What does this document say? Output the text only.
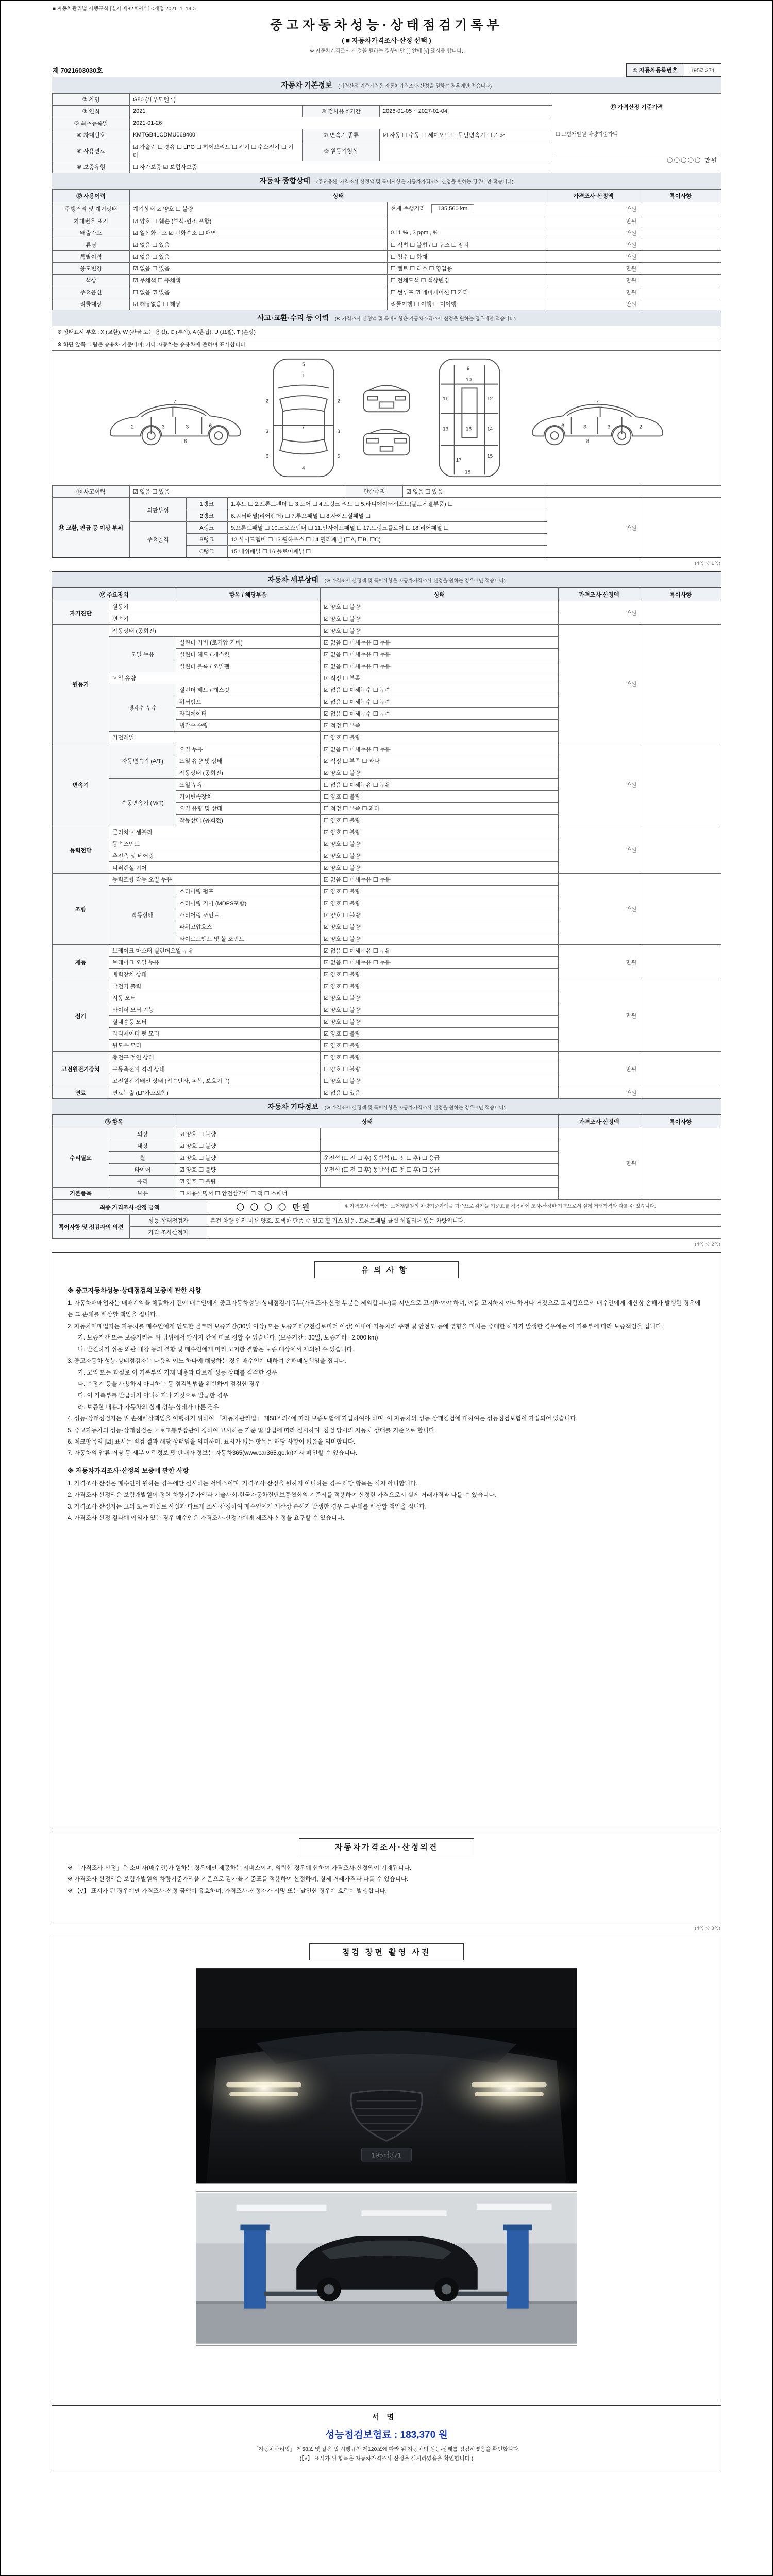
■ 자동차관리법 시행규칙 [별지 제82호서식] <개정 2021. 1. 19.>
중고자동차성능·상태점검기록부
( ■ 자동차가격조사·산정 선택 )
※ 자동차가격조사·산정을 원하는 경우에만 [ ] 안에 [√] 표시를 합니다.
제 7021603030호	① 자동차등록번호	195러371
자동차 기본정보 (가격산정 기준가격은 자동차가격조사·산정을 원하는 경우에만 적습니다)
② 차명	G80 (세부모델 : )			⑪ 가격산정 기준가격
☐ 보험개발원 차량기준가액
〇〇〇〇〇 만원

③ 연식	2021	④ 검사유효기간	2026-01-05 ~ 2027-01-04	
⑤ 최초등록일	2021-01-26			
⑥ 차대번호	KMTGB41CDMU068400	⑦ 변속기 종류	☑ 자동 ☐ 수동 ☐ 세미오토 ☐ 무단변속기 ☐ 기타	
⑧ 사용연료	☑ 가솔린 ☐ 경유 ☐ LPG ☐ 하이브리드 ☐ 전기 ☐ 수소전기 ☐ 기타	⑨ 원동기형식		
⑩ 보증유형	☐ 자가보증 ☑ 보험사보증			
자동차 종합상태 (주요옵션, 가격조사·산정액 및 특이사항은 자동차가격조사·산정을 원하는 경우에만 적습니다)
⑫ 사용이력	상태		가격조사·산정액	특이사항
주행거리 및 계기상태	계기상태 ☑ 양호 ☐ 불량	현재 주행거리 135,560 km	만원	
차대번호 표기	☑ 양호 ☐ 훼손 (부식·변조 포함)		만원	
배출가스	☑ 일산화탄소 ☑ 탄화수소 ☐ 매연	0.11 % , 3 ppm , %	만원	
튜닝	☑ 없음 ☐ 있음	☐ 적법 ☐ 불법 / ☐ 구조 ☐ 장치	만원	
특별이력	☑ 없음 ☐ 있음	☐ 침수 ☐ 화재	만원	
용도변경	☑ 없음 ☐ 있음	☐ 렌트 ☐ 리스 ☐ 영업용	만원	
색상	☑ 무채색 ☐ 유채색	☐ 전체도색 ☐ 색상변경	만원	
주요옵션	☐ 없음 ☑ 있음	☐ 썬루프 ☑ 네비게이션 ☐ 기타	만원	
리콜대상	☑ 해당없음 ☐ 해당	리콜이행 ☐ 이행 ☐ 미이행	만원	
사고·교환·수리 등 이력 (※ 가격조사·산정액 및 특이사항은 자동차가격조사·산정을 원하는 경우에만 적습니다)
※ 상태표시 부호 : X (교환), W (판금 또는 용접), C (부식), A (흠집), U (요철), T (손상)
※ 하단 앞쪽 그림은 승용차 기준이며, 기타 자동차는 승용차에 준하여 표시합니다.
2	3	3	6
7
8
1
7
4
2	2
3	3
6	6
5
9
10
11	12
13	14
16
15
17
18
2
3
3
6
7
8
⑬ 사고이력	☑ 없음 ☐ 있음	단순수리	☑ 없음 ☐ 있음		
⑭ 교환, 판금 등 이상 부위	외판부위	1랭크	1.후드 ☐ 2.프론트펜더 ☐ 3.도어 ☐ 4.트렁크 리드 ☐ 5.라디에이터서포트(볼트체결부품) ☐	만원	
		2랭크	6.쿼터패널(리어펜더) ☐ 7.루프패널 ☐ 8.사이드실패널 ☐		
	주요골격	A랭크	9.프론트패널 ☐ 10.크로스멤버 ☐ 11.인사이드패널 ☐ 17.트렁크플로어 ☐ 18.리어패널 ☐		
		B랭크	12.사이드멤버 ☐ 13.휠하우스 ☐ 14.필러패널 (☐A, ☐B, ☐C)		
		C랭크	15.대쉬패널 ☐ 16.플로어패널 ☐		
(4쪽 중 1쪽)
자동차 세부상태 (※ 가격조사·산정액 및 특이사항은 자동차가격조사·산정을 원하는 경우에만 적습니다)
⑮ 주요장치		항목 / 해당부품	상태	가격조사·산정액	특이사항
자기진단	원동기		☑ 양호 ☐ 불량	만원	
	변속기		☑ 양호 ☐ 불량		
원동기	작동상태 (공회전)		☑ 양호 ☐ 불량	만원	
	오일 누유	실린더 커버 (로커암 커버)	☑ 없음 ☐ 미세누유 ☐ 누유		
		실린더 헤드 / 개스킷	☑ 없음 ☐ 미세누유 ☐ 누유		
		실린더 블록 / 오일팬	☑ 없음 ☐ 미세누유 ☐ 누유		
	오일 유량		☑ 적정 ☐ 부족		
	냉각수 누수	실린더 헤드 / 개스킷	☑ 없음 ☐ 미세누수 ☐ 누수		
		워터펌프	☑ 없음 ☐ 미세누수 ☐ 누수		
		라디에이터	☑ 없음 ☐ 미세누수 ☐ 누수		
		냉각수 수량	☑ 적정 ☐ 부족		
	커먼레일		☐ 양호 ☐ 불량		
변속기	자동변속기 (A/T)	오일 누유	☑ 없음 ☐ 미세누유 ☐ 누유	만원	
		오일 유량 및 상태	☑ 적정 ☐ 부족 ☐ 과다		
		작동상태 (공회전)	☑ 양호 ☐ 불량		
	수동변속기 (M/T)	오일 누유	☐ 없음 ☐ 미세누유 ☐ 누유		
		기어변속장치	☐ 양호 ☐ 불량		
		오일 유량 및 상태	☐ 적정 ☐ 부족 ☐ 과다		
		작동상태 (공회전)	☐ 양호 ☐ 불량		
동력전달	클러치 어셈블리		☑ 양호 ☐ 불량	만원	
	등속조인트		☑ 양호 ☐ 불량		
	추진축 및 베어링		☑ 양호 ☐ 불량		
	디퍼렌셜 기어		☑ 양호 ☐ 불량		
조향	동력조향 작동 오일 누유		☑ 없음 ☐ 미세누유 ☐ 누유	만원	
	작동상태	스티어링 펌프	☑ 양호 ☐ 불량		
		스티어링 기어 (MDPS포함)	☑ 양호 ☐ 불량		
		스티어링 조인트	☑ 양호 ☐ 불량		
		파워고압호스	☑ 양호 ☐ 불량		
		타이로드엔드 및 볼 조인트	☑ 양호 ☐ 불량		
제동	브레이크 마스터 실린더오일 누유		☑ 없음 ☐ 미세누유 ☐ 누유	만원	
	브레이크 오일 누유		☑ 없음 ☐ 미세누유 ☐ 누유		
	배력장치 상태		☑ 양호 ☐ 불량		
전기	발전기 출력		☑ 양호 ☐ 불량	만원	
	시동 모터		☑ 양호 ☐ 불량		
	와이퍼 모터 기능		☑ 양호 ☐ 불량		
	실내송풍 모터		☑ 양호 ☐ 불량		
	라디에이터 팬 모터		☑ 양호 ☐ 불량		
	윈도우 모터		☑ 양호 ☐ 불량		
고전원전기장치	충전구 절연 상태		☐ 양호 ☐ 불량	만원	
	구동축전지 격리 상태		☐ 양호 ☐ 불량		
	고전원전기배선 상태 (접속단자, 피복, 보호기구)		☐ 양호 ☐ 불량		
연료	연료누출 (LP가스포함)		☑ 없음 ☐ 있음	만원	
자동차 기타정보 (※ 가격조사·산정액 및 특이사항은 자동차가격조사·산정을 원하는 경우에만 적습니다)
⑯ 항목		상태		가격조사·산정액	특이사항
수리필요	외장	☑ 양호 ☐ 불량		만원	
	내장	☑ 양호 ☐ 불량			
	휠	☑ 양호 ☐ 불량	운전석 (☐ 전 ☐ 후) 동반석 (☐ 전 ☐ 후) ☐ 응급		
	타이어	☑ 양호 ☐ 불량	운전석 (☐ 전 ☐ 후) 동반석 (☐ 전 ☐ 후) ☐ 응급		
	유리	☑ 양호 ☐ 불량			
기본품목	보유	☐ 사용설명서 ☐ 안전삼각대 ☐ 잭 ☐ 스패너			
최종 가격조사·산정 금액	〇 〇 〇 〇 만원	※ 가격조사·산정액은 보험개발원의 차량기준가액을 기준으로 감가율 기준표를 적용하여 조사·산정한 가격으로서 실제 거래가격과 다를 수 있습니다.
특이사항 및 점검자의 의견	성능·상태점검자	본건 차량 엔진·미션 양호. 도색한 단품 수 있고 휠 기스 있음. 프론트패널 클립 체결되어 있는 차량입니다.
	가격·조사산정자	
(4쪽 중 2쪽)
유의사항
※ 중고자동차성능·상태점검의 보증에 관한 사항
1. 자동차매매업자는 매매계약을 체결하기 전에 매수인에게 중고자동차성능·상태점검기록부(가격조사·산정 부분은 제외합니다)를 서면으로 고지하여야 하며, 이를 고지하지 아니하거나 거짓으로 고지함으로써 매수인에게 재산상 손해가 발생한 경우에는 그 손해를 배상할 책임을 집니다.
2. 자동차매매업자는 자동차를 매수인에게 인도한 날부터 보증기간(30일 이상) 또는 보증거리(2천킬로미터 이상) 이내에 자동차의 주행 및 안전도 등에 영향을 미치는 중대한 하자가 발생한 경우에는 이 기록부에 따라 보증책임을 집니다.
가. 보증기간 또는 보증거리는 위 범위에서 당사자 간에 따로 정할 수 있습니다. (보증기간 : 30일, 보증거리 : 2,000 km)
나. 발견하기 쉬운 외관·내장 등의 결함 및 매수인에게 미리 고지한 결함은 보증 대상에서 제외될 수 있습니다.
3. 중고자동차 성능·상태점검자는 다음의 어느 하나에 해당하는 경우 매수인에 대하여 손해배상책임을 집니다.
가. 고의 또는 과실로 이 기록부의 기재 내용과 다르게 성능·상태를 점검한 경우
나. 측정기 등을 사용하지 아니하는 등 점검방법을 위반하여 점검한 경우
다. 이 기록부를 발급하지 아니하거나 거짓으로 발급한 경우
라. 보증한 내용과 자동차의 실제 성능·상태가 다른 경우
4. 성능·상태점검자는 위 손해배상책임을 이행하기 위하여 「자동차관리법」 제58조의4에 따라 보증보험에 가입하여야 하며, 이 자동차의 성능·상태점검에 대하여는 성능점검보험이 가입되어 있습니다.
5. 중고자동차의 성능·상태점검은 국토교통부장관이 정하여 고시하는 기준 및 방법에 따라 실시하며, 점검 당시의 자동차 상태를 기준으로 합니다.
6. 체크항목의 [☑] 표시는 점검 결과 해당 상태임을 의미하며, 표시가 없는 항목은 해당 사항이 없음을 의미합니다.
7. 자동차의 압류·저당 등 세부 이력정보 및 판매자 정보는 자동차365(www.car365.go.kr)에서 확인할 수 있습니다.
※ 자동차가격조사·산정의 보증에 관한 사항
1. 가격조사·산정은 매수인이 원하는 경우에만 실시하는 서비스이며, 가격조사·산정을 원하지 아니하는 경우 해당 항목은 적지 아니합니다.
2. 가격조사·산정액은 보험개발원이 정한 차량기준가액과 기술사회·한국자동차진단보증협회의 기준서를 적용하여 산정한 가격으로서 실제 거래가격과 다를 수 있습니다.
3. 가격조사·산정자는 고의 또는 과실로 사실과 다르게 조사·산정하여 매수인에게 재산상 손해가 발생한 경우 그 손해를 배상할 책임을 집니다.
4. 가격조사·산정 결과에 이의가 있는 경우 매수인은 가격조사·산정자에게 재조사·산정을 요구할 수 있습니다.
자동차가격조사·산정의견
※ 「가격조사·산정」은 소비자(매수인)가 원하는 경우에만 제공하는 서비스이며, 의뢰한 경우에 한하여 가격조사·산정액이 기재됩니다.
※ 가격조사·산정액은 보험개발원의 차량기준가액을 기준으로 감가율 기준표를 적용하여 산정하며, 실제 거래가격과 다를 수 있습니다.
※ 【√】 표시가 된 경우에만 가격조사·산정 금액이 유효하며, 가격조사·산정자가 서명 또는 날인한 경우에 효력이 발생합니다.
(4쪽 중 3쪽)
점검 장면 촬영 사진
195러371
서명
성능점검보험료 : 183,370 원
「자동차관리법」 제58조 및 같은 법 시행규칙 제120조에 따라 위 자동차의 성능·상태를 점검하였음을 확인합니다.
(【√】 표시가 된 항목은 자동차가격조사·산정을 실시하였음을 확인합니다.)
